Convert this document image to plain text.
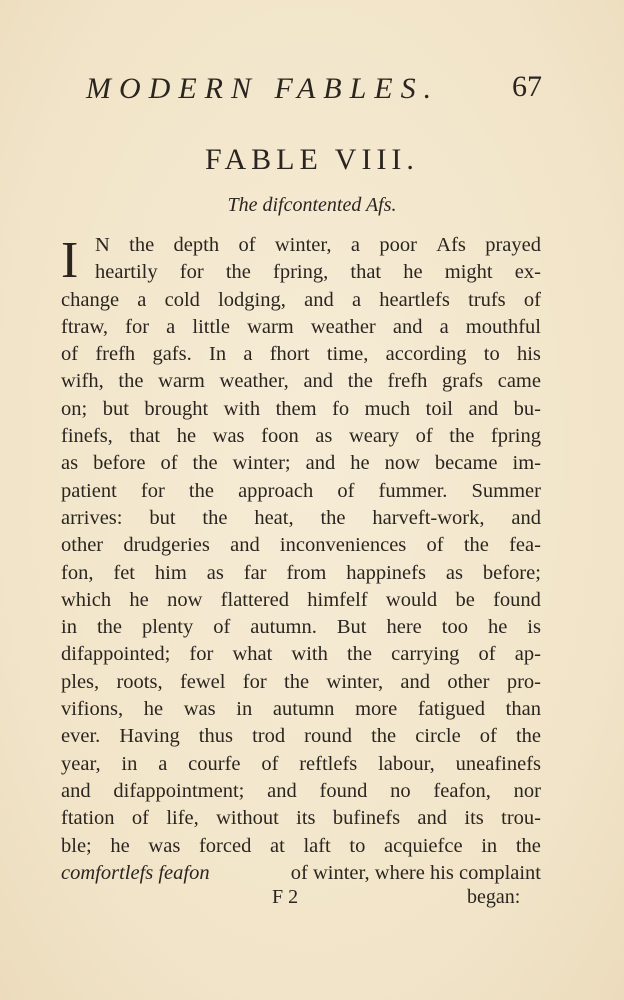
MODERN FABLES. 67
FABLE VIII.
The difcontented Afs.
I N the depth of winter, a poor Afs prayed
heartily for the fpring, that he might ex-
change a cold lodging, and a heartlefs trufs of
ftraw, for a little warm weather and a mouthful
of frefh gafs. In a fhort time, according to his
wifh, the warm weather, and the frefh grafs came
on; but brought with them fo much toil and bu-
finefs, that he was foon as weary of the fpring
as before of the winter; and he now became im-
patient for the approach of fummer. Summer
arrives: but the heat, the harveft-work, and
other drudgeries and inconveniences of the fea-
fon, fet him as far from happinefs as before;
which he now flattered himfelf would be found
in the plenty of autumn. But here too he is
difappointed; for what with the carrying of ap-
ples, roots, fewel for the winter, and other pro-
vifions, he was in autumn more fatigued than
ever. Having thus trod round the circle of the
year, in a courfe of reftlefs labour, uneafinefs
and difappointment; and found no feafon, nor
ftation of life, without its bufinefs and its trou-
ble; he was forced at laft to acquiefce in the
comfortlefs feafon	of winter, where his complaint
F 2	began:
